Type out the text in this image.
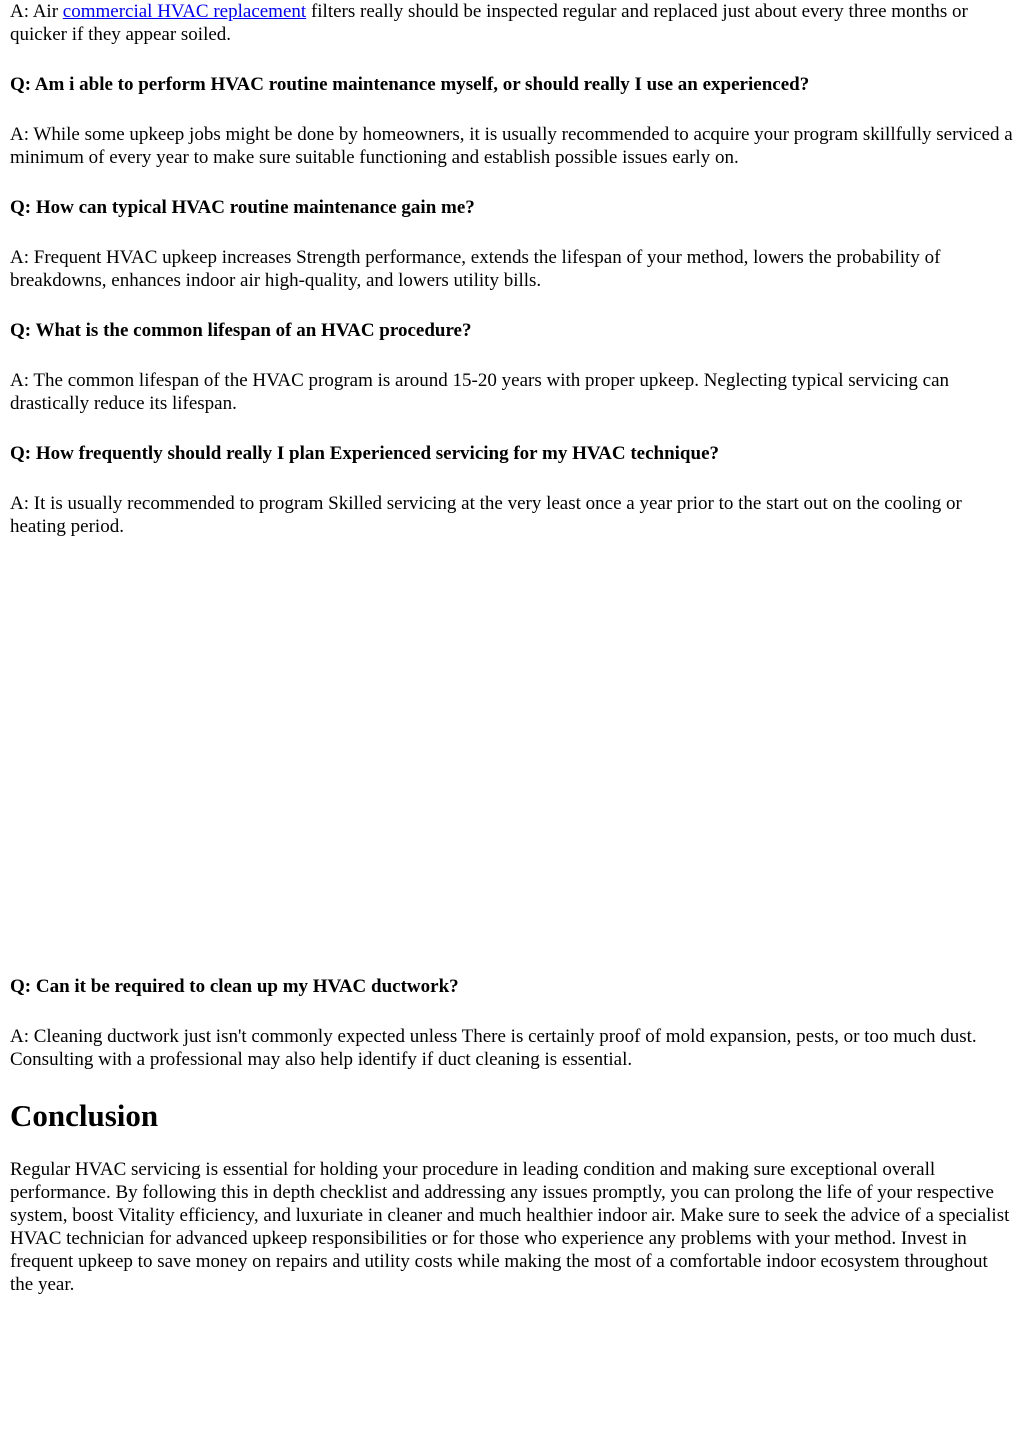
A: Air commercial HVAC replacement filters really should be inspected regular and replaced just about every three months or quicker if they appear soiled.

Q: Am i able to perform HVAC routine maintenance myself, or should really I use an experienced?

A: While some upkeep jobs might be done by homeowners, it is usually recommended to acquire your program skillfully serviced a minimum of every year to make sure suitable functioning and establish possible issues early on.

Q: How can typical HVAC routine maintenance gain me?

A: Frequent HVAC upkeep increases Strength performance, extends the lifespan of your method, lowers the probability of breakdowns, enhances indoor air high-quality, and lowers utility bills.

Q: What is the common lifespan of an HVAC procedure?

A: The common lifespan of the HVAC program is around 15-20 years with proper upkeep. Neglecting typical servicing can drastically reduce its lifespan.

Q: How frequently should really I plan Experienced servicing for my HVAC technique?

A: It is usually recommended to program Skilled servicing at the very least once a year prior to the start out on the cooling or heating period.

Q: Can it be required to clean up my HVAC ductwork?

A: Cleaning ductwork just isn't commonly expected unless There is certainly proof of mold expansion, pests, or too much dust. Consulting with a professional may also help identify if duct cleaning is essential.

Conclusion

Regular HVAC servicing is essential for holding your procedure in leading condition and making sure exceptional overall performance. By following this in depth checklist and addressing any issues promptly, you can prolong the life of your respective system, boost Vitality efficiency, and luxuriate in cleaner and much healthier indoor air. Make sure to seek the advice of a specialist HVAC technician for advanced upkeep responsibilities or for those who experience any problems with your method. Invest in frequent upkeep to save money on repairs and utility costs while making the most of a comfortable indoor ecosystem throughout the year.
